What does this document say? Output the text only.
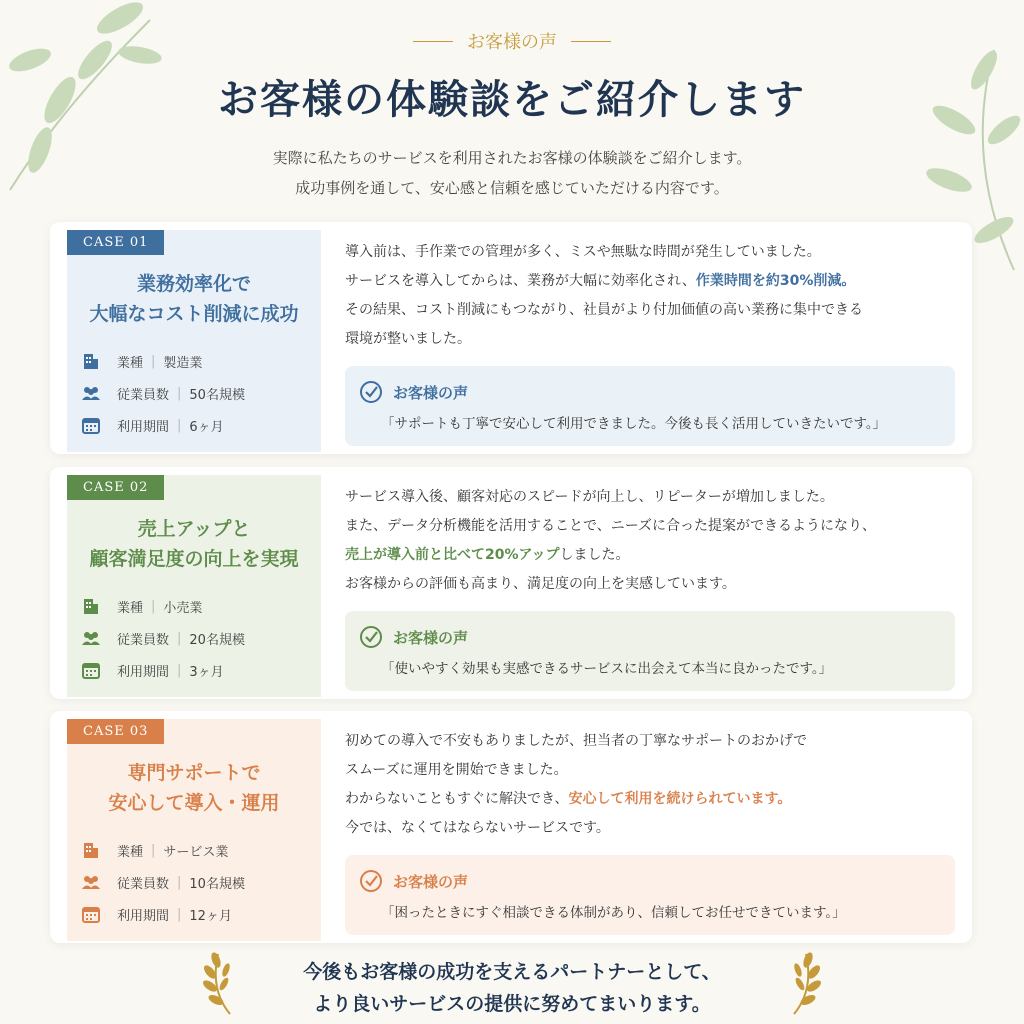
お客様の声
お客様の体験談をご紹介します
実際に私たちのサービスを利用されたお客様の体験談をご紹介します。
成功事例を通して、安心感と信頼を感じていただける内容です。
CASE 01
業務効率化で
大幅なコスト削減に成功
業種 | 製造業
従業員数 | 50名規模
利用期間 | 6ヶ月
導入前は、手作業での管理が多く、ミスや無駄な時間が発生していました。
サービスを導入してからは、業務が大幅に効率化され、作業時間を約30%削減。
その結果、コスト削減にもつながり、社員がより付加価値の高い業務に集中できる
環境が整いました。
お客様の声
「サポートも丁寧で安心して利用できました。今後も長く活用していきたいです。」
CASE 02
売上アップと
顧客満足度の向上を実現
業種 | 小売業
従業員数 | 20名規模
利用期間 | 3ヶ月
サービス導入後、顧客対応のスピードが向上し、リピーターが増加しました。
また、データ分析機能を活用することで、ニーズに合った提案ができるようになり、
売上が導入前と比べて20%アップしました。
お客様からの評価も高まり、満足度の向上を実感しています。
お客様の声
「使いやすく効果も実感できるサービスに出会えて本当に良かったです。」
CASE 03
専門サポートで
安心して導入・運用
業種 | サービス業
従業員数 | 10名規模
利用期間 | 12ヶ月
初めての導入で不安もありましたが、担当者の丁寧なサポートのおかげで
スムーズに運用を開始できました。
わからないこともすぐに解決でき、安心して利用を続けられています。
今では、なくてはならないサービスです。
お客様の声
「困ったときにすぐ相談できる体制があり、信頼してお任せできています。」
今後もお客様の成功を支えるパートナーとして、
より良いサービスの提供に努めてまいります。
